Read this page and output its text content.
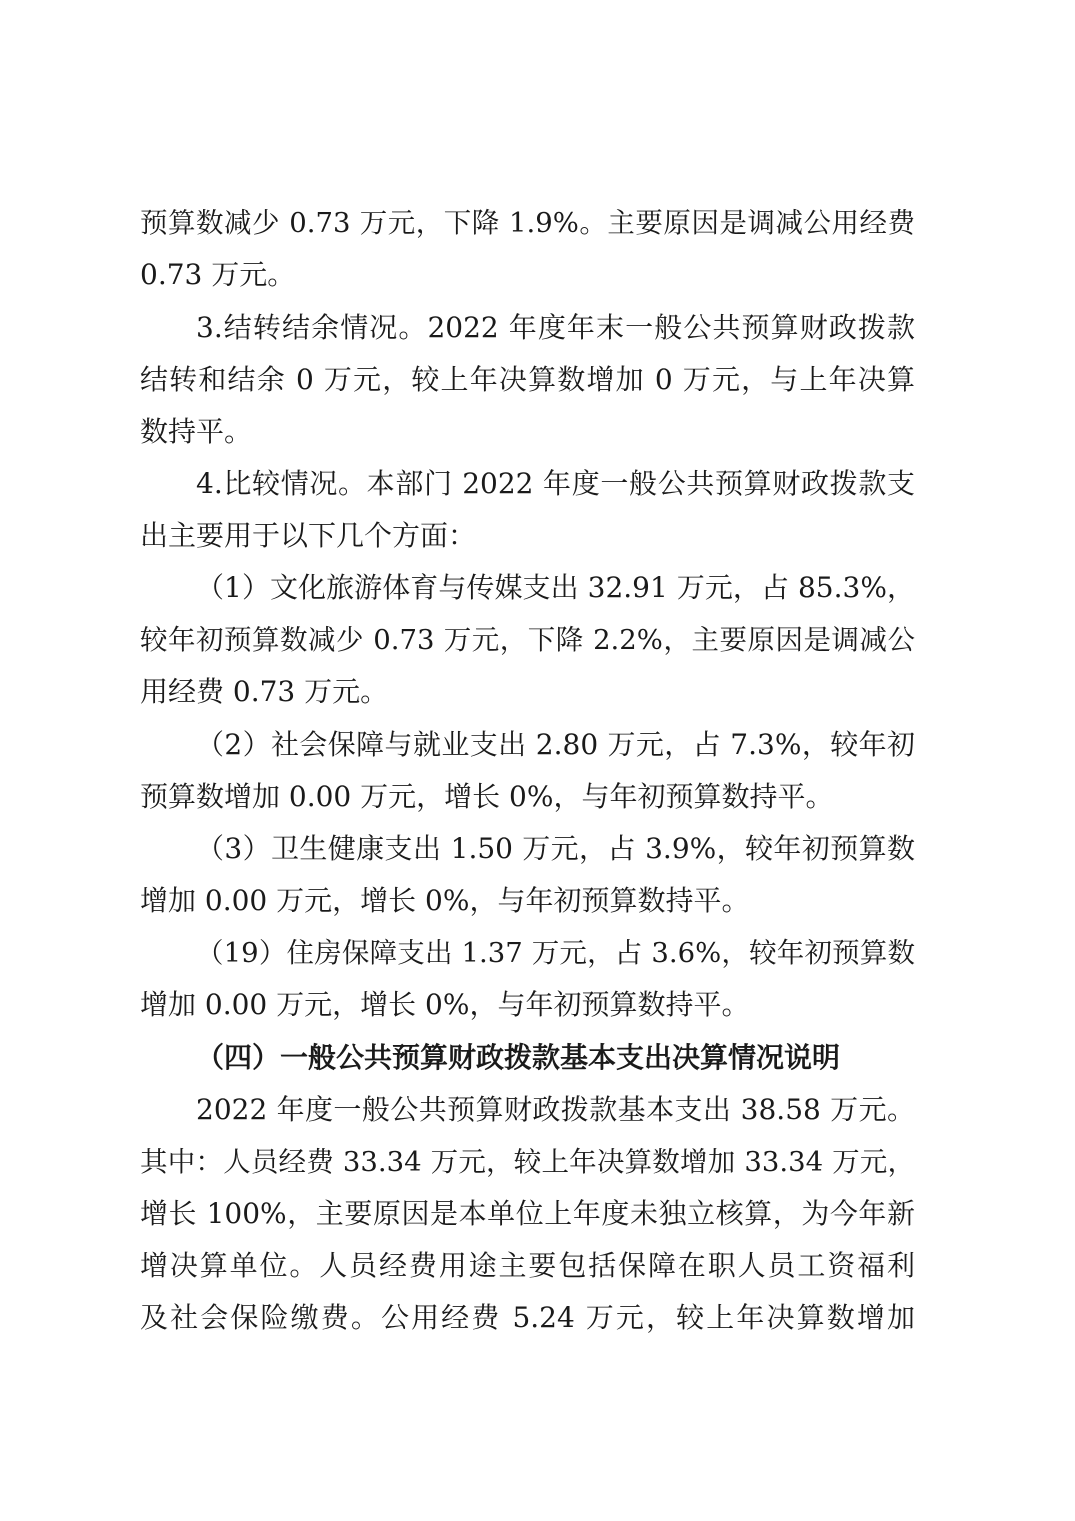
预算数减少 0.73 万元，下降 1.9%。主要原因是调减公用经费
0.73 万元。
3.结转结余情况。2022 年度年末一般公共预算财政拨款
结转和结余 0 万元，较上年决算数增加 0 万元，与上年决算
数持平。
4.比较情况。本部门 2022 年度一般公共预算财政拨款支
出主要用于以下几个方面：
（1）文化旅游体育与传媒支出 32.91 万元，占 85.3%，
较年初预算数减少 0.73 万元，下降 2.2%，主要原因是调减公
用经费 0.73 万元。
（2）社会保障与就业支出 2.80 万元，占 7.3%，较年初
预算数增加 0.00 万元，增长 0%，与年初预算数持平。
（3）卫生健康支出 1.50 万元，占 3.9%，较年初预算数
增加 0.00 万元，增长 0%，与年初预算数持平。
（19）住房保障支出 1.37 万元，占 3.6%，较年初预算数
增加 0.00 万元，增长 0%，与年初预算数持平。
（四）一般公共预算财政拨款基本支出决算情况说明
2022 年度一般公共预算财政拨款基本支出 38.58 万元。
其中：人员经费 33.34 万元，较上年决算数增加 33.34 万元，
增长 100%，主要原因是本单位上年度未独立核算，为今年新
增决算单位。人员经费用途主要包括保障在职人员工资福利
及社会保险缴费。公用经费 5.24 万元，较上年决算数增加
